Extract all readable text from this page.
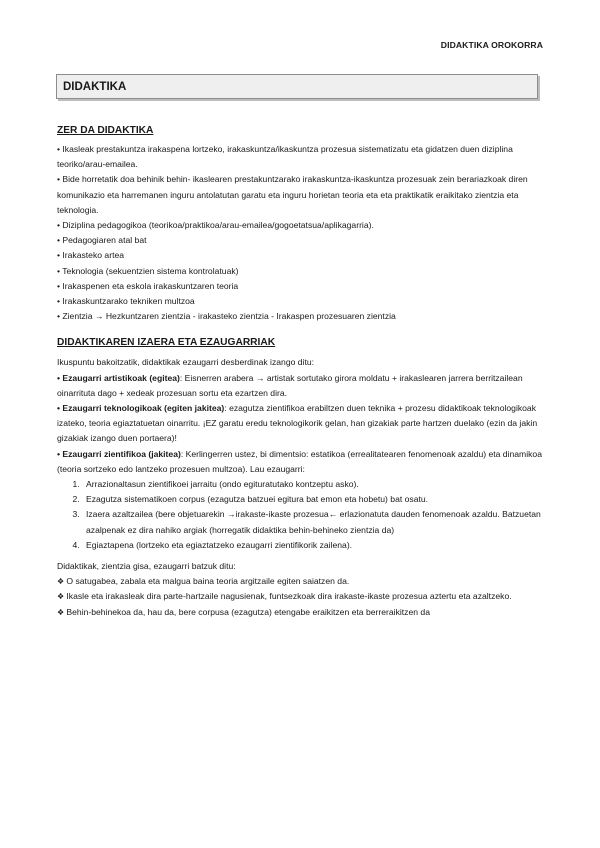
DIDAKTIKA OROKORRA
DIDAKTIKA
ZER DA DIDAKTIKA

• Ikasleak prestakuntza irakaspena lortzeko, irakaskuntza/ikaskuntza prozesua sistematizatu eta gidatzen duen diziplina teoriko/arau-emailea.

• Bide horretatik doa behinik behin- ikaslearen prestakuntzarako irakaskuntza-ikaskuntza prozesuak zein berariazkoak diren komunikazio eta harremanen inguru antolatutan garatu eta inguru horietan teoria eta eta praktikatik eraikitako zientzia eta teknologia.

• Diziplina pedagogikoa (teorikoa/praktikoa/arau-emailea/gogoetatsua/aplikagarria).

• Pedagogiaren atal bat

• Irakasteko artea

• Teknologia (sekuentzien sistema kontrolatuak)

• Irakaspenen eta eskola irakaskuntzaren teoria

• Irakaskuntzarako tekniken multzoa

• Zientzia → Hezkuntzaren zientzia - irakasteko zientzia - Irakaspen prozesuaren zientzia

DIDAKTIKAREN IZAERA ETA EZAUGARRIAK

Ikuspuntu bakoitzatik, didaktikak ezaugarri desberdinak izango ditu:

• Ezaugarri artistikoak (egitea): Eisnerren arabera → artistak sortutako girora moldatu + irakaslearen jarrera berritzailean oinarrituta dago + xedeak prozesuan sortu eta ezartzen dira.

• Ezaugarri teknologikoak (egiten jakitea): ezagutza zientifikoa erabiltzen duen teknika + prozesu didaktikoak teknologikoak izateko, teoria egiaztatuetan oinarritu. ¡EZ garatu eredu teknologikorik gelan, han gizakiak parte hartzen duelako (ezin da jakin gizakiak izango duen portaera)!

• Ezaugarri zientifikoa (jakitea): Kerlingerren ustez, bi dimentsio: estatikoa (errealitatearen fenomenoak azaldu) eta dinamikoa (teoria sortzeko edo lantzeko prozesuen multzoa). Lau ezaugarri:

1. Arrazionaltasun zientifikoei jarraitu (ondo egituratutako kontzeptu asko).
2. Ezagutza sistematikoen corpus (ezagutza batzuei egitura bat emon eta hobetu) bat osatu.
3. Izaera azaltzailea (bere objetuarekin →irakaste-ikaste prozesua← erlazionatuta dauden fenomenoak azaldu. Batzuetan azalpenak ez dira nahiko argiak (horregatik didaktika behin-behineko zientzia da)
4. Egiaztapena (lortzeko eta egiaztatzeko ezaugarri zientifikorik zailena).

Didaktikak, zientzia gisa, ezaugarri batzuk ditu:

❖ O satugabea, zabala eta malgua baina teoria argitzaile egiten saiatzen da.

❖ Ikasle eta irakasleak dira parte-hartzaile nagusienak, funtsezkoak dira irakaste-ikaste prozesua aztertu eta azaltzeko.

❖ Behin-behinekoa da, hau da, bere corpusa (ezagutza) etengabe eraikitzen eta berreraikitzen da
